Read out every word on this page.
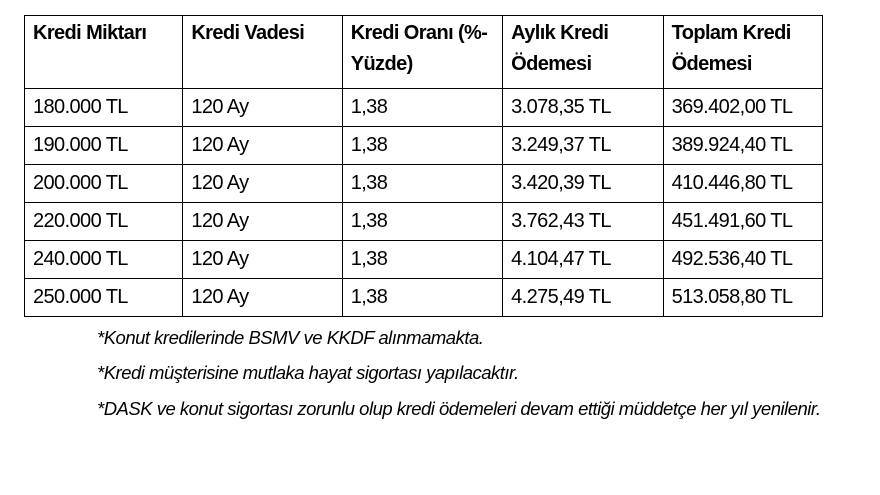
Kredi Miktarı	Kredi Vadesi	Kredi Oranı (%-Yüzde)	Aylık Kredi Ödemesi	Toplam Kredi Ödemesi
180.000 TL	120 Ay	1,38	3.078,35 TL	369.402,00 TL
190.000 TL	120 Ay	1,38	3.249,37 TL	389.924,40 TL
200.000 TL	120 Ay	1,38	3.420,39 TL	410.446,80 TL
220.000 TL	120 Ay	1,38	3.762,43 TL	451.491,60 TL
240.000 TL	120 Ay	1,38	4.104,47 TL	492.536,40 TL
250.000 TL	120 Ay	1,38	4.275,49 TL	513.058,80 TL
*Konut kredilerinde BSMV ve KKDF alınmamakta.
*Kredi müşterisine mutlaka hayat sigortası yapılacaktır.
*DASK ve konut sigortası zorunlu olup kredi ödemeleri devam ettiği müddetçe her yıl yenilenir.
